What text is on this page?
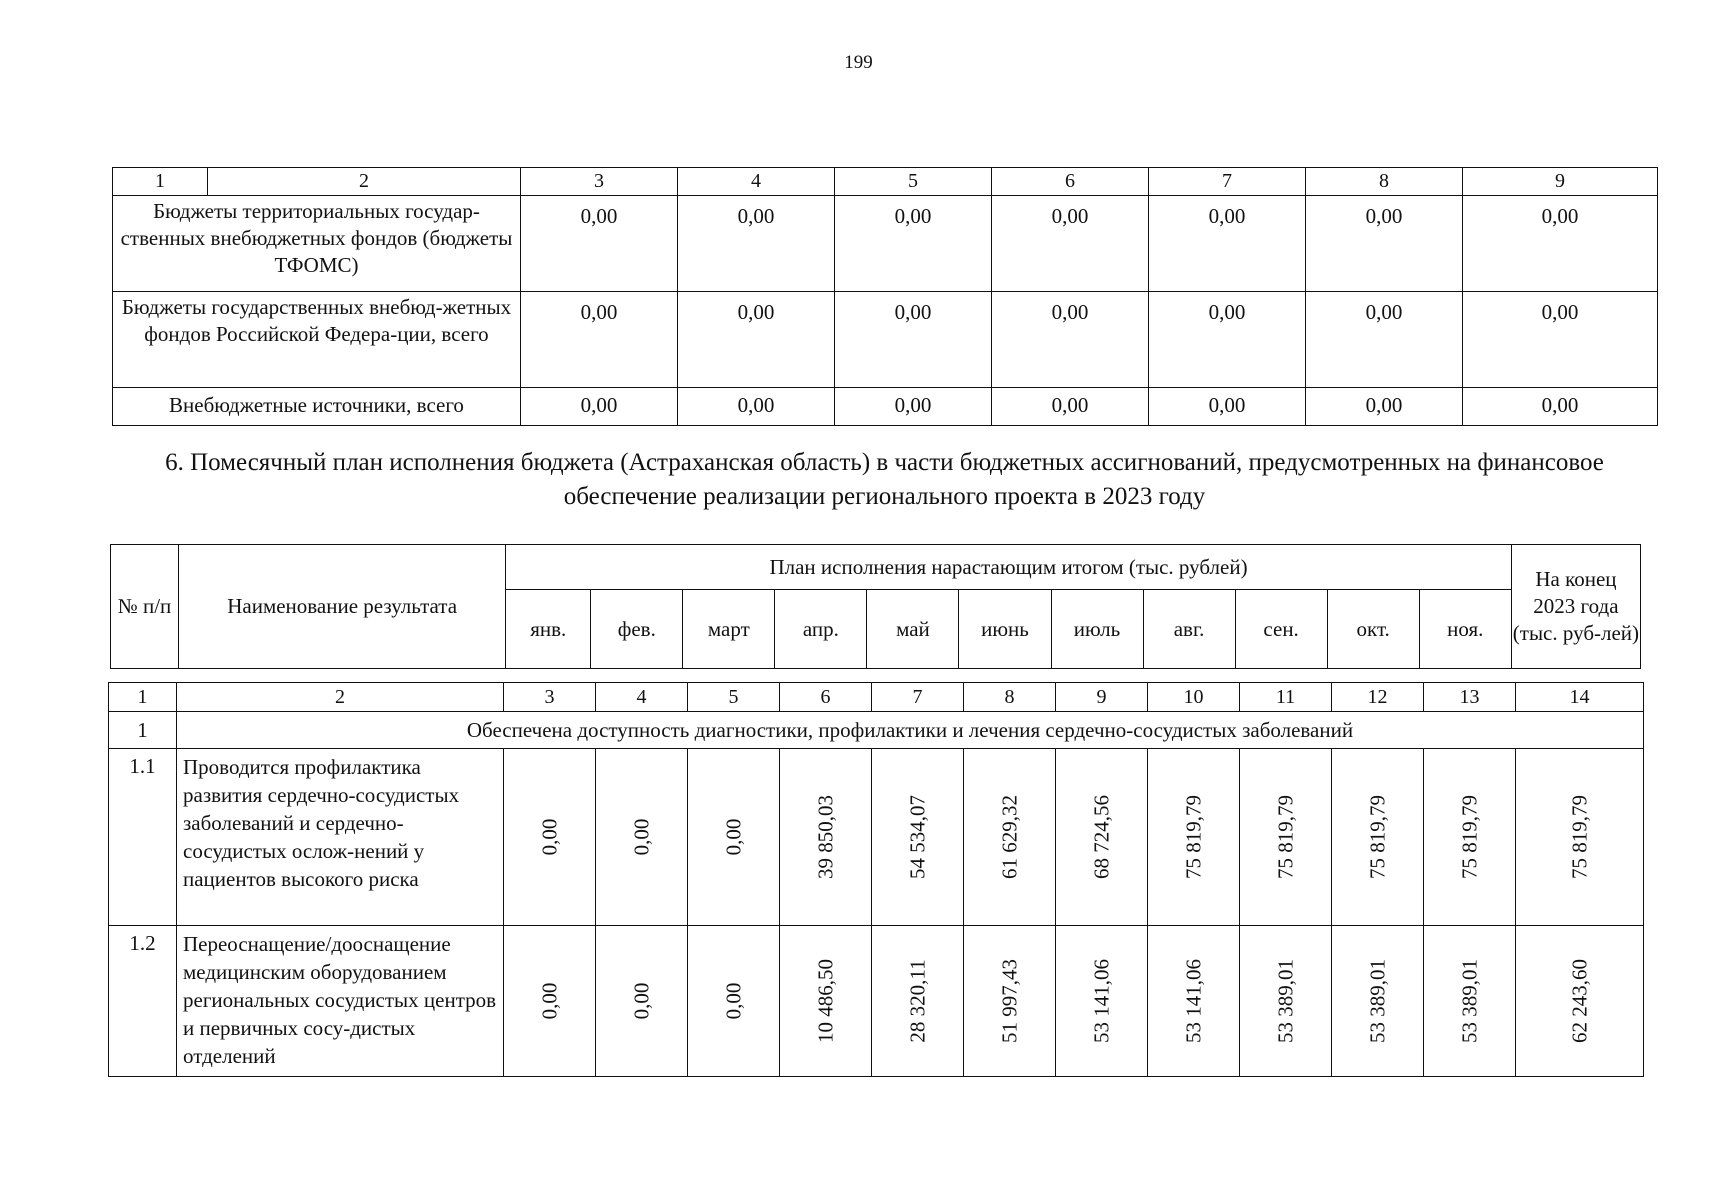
199
1	2	3	4	5	6	7	8	9
Бюджеты территориальных государ-ственных внебюджетных фондов (бюджеты ТФОМС)		0,00	0,00	0,00	0,00	0,00	0,00	0,00
Бюджеты государственных внебюд-жетных фондов Российской Федера-ции, всего		0,00	0,00	0,00	0,00	0,00	0,00	0,00
Внебюджетные источники, всего		0,00	0,00	0,00	0,00	0,00	0,00	0,00
6. Помесячный план исполнения бюджета (Астраханская область) в части бюджетных ассигнований, предусмотренных на финансовое обеспечение реализации регионального проекта в 2023 году
№ п/п	Наименование результата	План исполнения нарастающим итогом (тыс. рублей)											На конец 2023 года (тыс. руб-лей)
		янв.	фев.	март	апр.	май	июнь	июль	авг.	сен.	окт.	ноя.	
1	2	3	4	5	6	7	8	9	10	11	12	13	14
1	Обеспечена доступность диагностики, профилактики и лечения сердечно-сосудистых заболеваний												
1.1	Проводится профилактика развития сердечно-сосудистых заболеваний и сердечно-сосудистых ослож-нений у пациентов высокого риска	0,00	0,00	0,00	39 850,03	54 534,07	61 629,32	68 724,56	75 819,79	75 819,79	75 819,79	75 819,79	75 819,79

1.2	Переоснащение/дооснащение медицинским оборудованием региональных сосудистых центров и первичных сосу-дистых отделений	0,00	0,00	0,00	10 486,50	28 320,11	51 997,43	53 141,06	53 141,06	53 389,01	53 389,01	53 389,01	62 243,60
